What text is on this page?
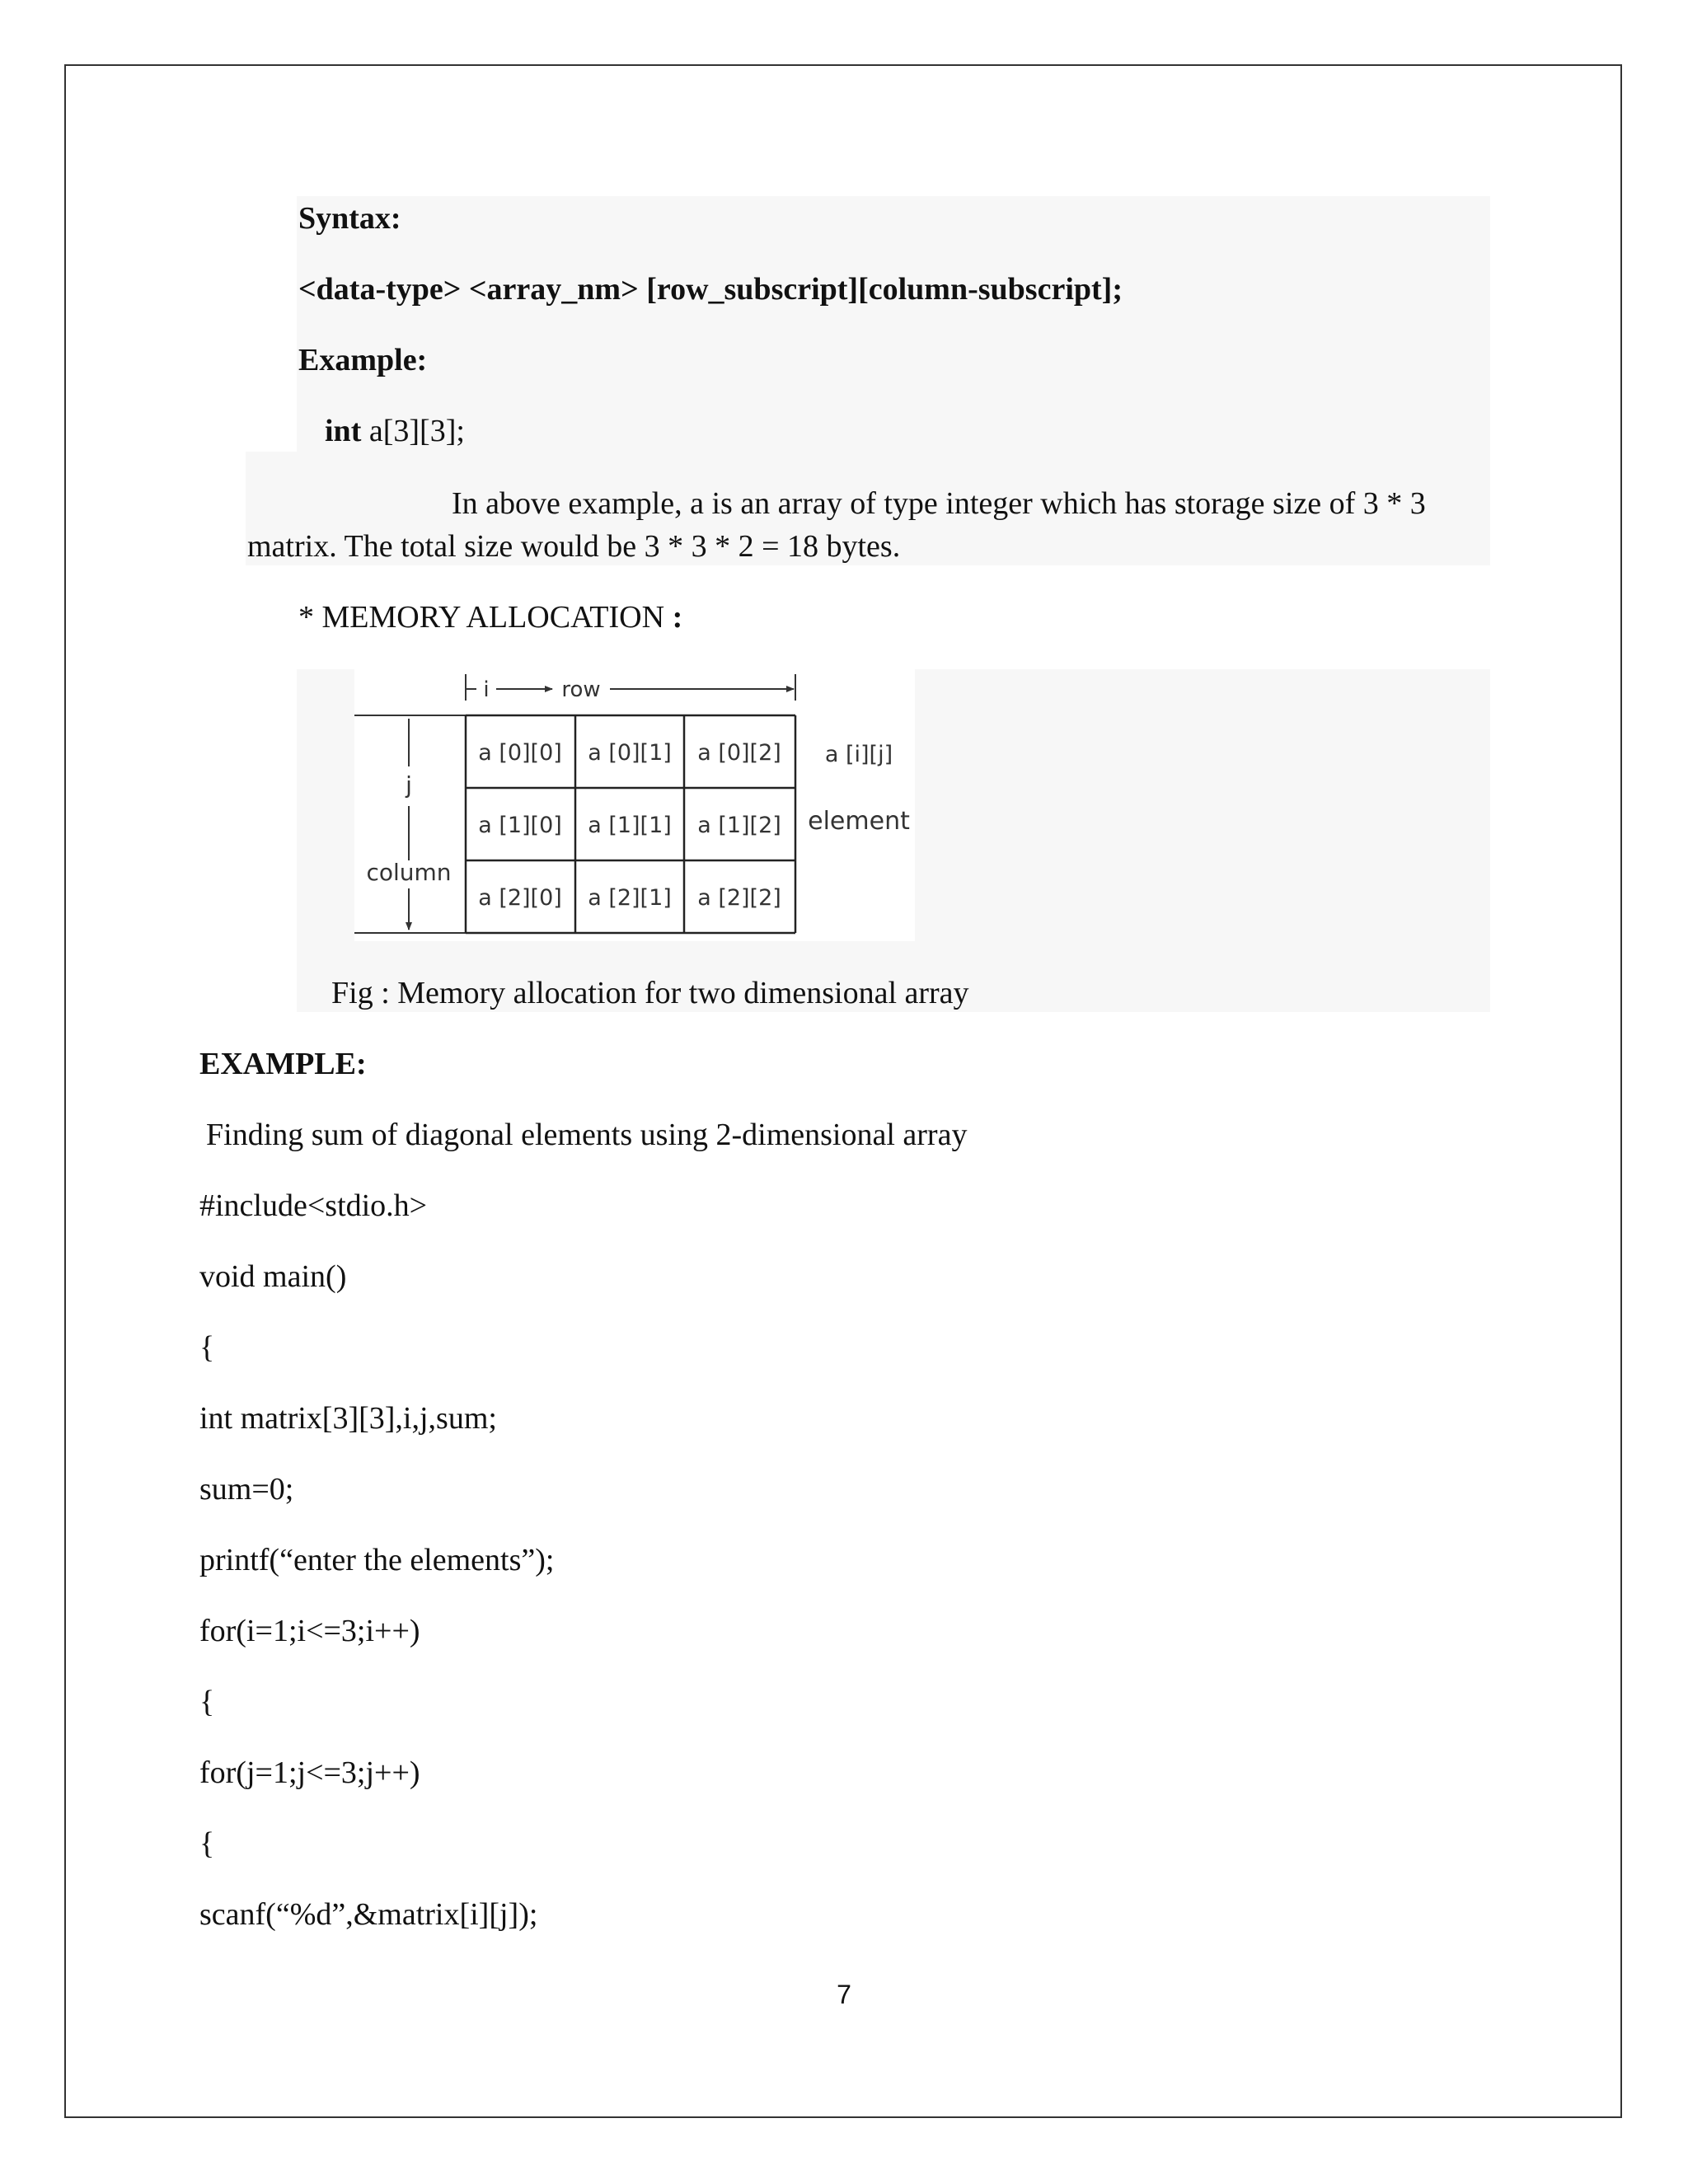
Syntax:
<data-type> <array_nm> [row_subscript][column-subscript];
Example:
int a[3][3];
In above example, a is an array of type integer which has storage size of 3 * 3
matrix. The total size would be 3 * 3 * 2 = 18 bytes.
* MEMORY ALLOCATION :
i	row
j
column
a [0][0] a [0][1] a [0][2]
a [1][0] a [1][1] a [1][2]
a [2][0] a [2][1] a [2][2]
a [i][j]
element
Fig : Memory allocation for two dimensional array
EXAMPLE:
Finding sum of diagonal elements using 2-dimensional array
#include<stdio.h>
void main()
{
int matrix[3][3],i,j,sum;
sum=0;
printf(“enter the elements”);
for(i=1;i<=3;i++)
{
for(j=1;j<=3;j++)
{
scanf(“%d”,&matrix[i][j]);
7
